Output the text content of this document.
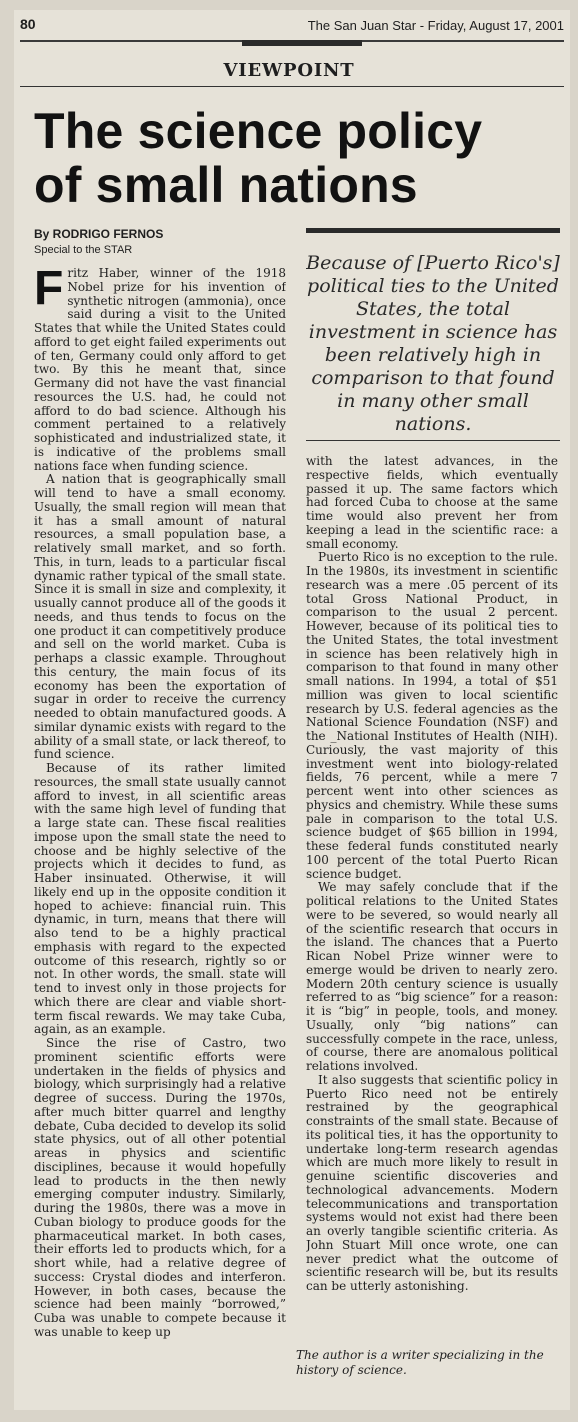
80	The San Juan Star - Friday, August 17, 2001
VIEWPOINT
The science policy
of small nations
By RODRIGO FERNOS
Special to the STAR
Because of [Puerto Rico's] political ties to the United States, the total investment in science has been relatively high in comparison to that found in many other small nations.

Fritz Haber, winner of the 1918 Nobel prize for his invention of synthetic nitrogen (ammonia), once said during a visit to the United States that while the United States could afford to get eight failed experiments out of ten, Germany could only afford to get two. By this he meant that, since Germany did not have the vast financial resources the U.S. had, he could not afford to do bad science. Although his comment pertained to a relatively sophisticated and industrialized state, it is indicative of the problems small nations face when funding science.

A nation that is geographically small will tend to have a small economy. Usually, the small region will mean that it has a small amount of natural resources, a small population base, a relatively small market, and so forth. This, in turn, leads to a particular fiscal dynamic rather typical of the small state. Since it is small in size and complexity, it usually cannot produce all of the goods it needs, and thus tends to focus on the one product it can competitively produce and sell on the world market. Cuba is perhaps a classic example. Throughout this century, the main focus of its economy has been the exportation of sugar in order to receive the currency needed to obtain manufactured goods. A similar dynamic exists with regard to the ability of a small state, or lack thereof, to fund science.

Because of its rather limited resources, the small state usually cannot afford to invest, in all scientific areas with the same high level of funding that a large state can. These fiscal realities impose upon the small state the need to choose and be highly selective of the projects which it decides to fund, as Haber insinuated. Otherwise, it will likely end up in the opposite condition it hoped to achieve: financial ruin. This dynamic, in turn, means that there will also tend to be a highly practical emphasis with regard to the expected outcome of this research, rightly so or not. In other words, the small. state will tend to invest only in those projects for which there are clear and viable short-term fiscal rewards. We may take Cuba, again, as an example.

Since the rise of Castro, two prominent scientific efforts were undertaken in the fields of physics and biology, which surprisingly had a relative degree of success. During the 1970s, after much bitter quarrel and lengthy debate, Cuba decided to develop its solid state physics, out of all other potential areas in physics and scientific disciplines, because it would hopefully lead to products in the then newly emerging computer industry. Similarly, during the 1980s, there was a move in Cuban biology to produce goods for the pharmaceutical market. In both cases, their efforts led to products which, for a short while, had a relative degree of success: Crystal diodes and interferon. However, in both cases, because the science had been mainly “borrowed,” Cuba was unable to compete because it was unable to keep up

with the latest advances, in the respective fields, which eventually passed it up. The same factors which had forced Cuba to choose at the same time would also prevent her from keeping a lead in the scientific race: a small economy.

Puerto Rico is no exception to the rule. In the 1980s, its investment in scientific research was a mere .05 percent of its total Gross National Product, in comparison to the usual 2 percent. However, because of its political ties to the United States, the total investment in science has been relatively high in comparison to that found in many other small nations. In 1994, a total of $51 million was given to local scientific research by U.S. federal agencies as the National Science Foundation (NSF) and the _National Institutes of Health (NIH). Curiously, the vast majority of this investment went into biology-related fields, 76 percent, while a mere 7 percent went into other sciences as physics and chemistry. While these sums pale in comparison to the total U.S. science budget of $65 billion in 1994, these federal funds constituted nearly 100 percent of the total Puerto Rican science budget.

We may safely conclude that if the political relations to the United States were to be severed, so would nearly all of the scientific research that occurs in the island. The chances that a Puerto Rican Nobel Prize winner were to emerge would be driven to nearly zero. Modern 20th century science is usually referred to as “big science” for a reason: it is “big” in people, tools, and money. Usually, only “big nations” can successfully compete in the race, unless, of course, there are anomalous political relations involved.

It also suggests that scientific policy in Puerto Rico need not be entirely restrained by the geographical constraints of the small state. Because of its political ties, it has the opportunity to undertake long-term research agendas which are much more likely to result in genuine scientific discoveries and technological advancements. Modern telecommunications and transportation systems would not exist had there been an overly tangible scientific criteria. As John Stuart Mill once wrote, one can never predict what the outcome of scientific research will be, but its results can be utterly astonishing.

The author is a writer specializing in the history of science.
